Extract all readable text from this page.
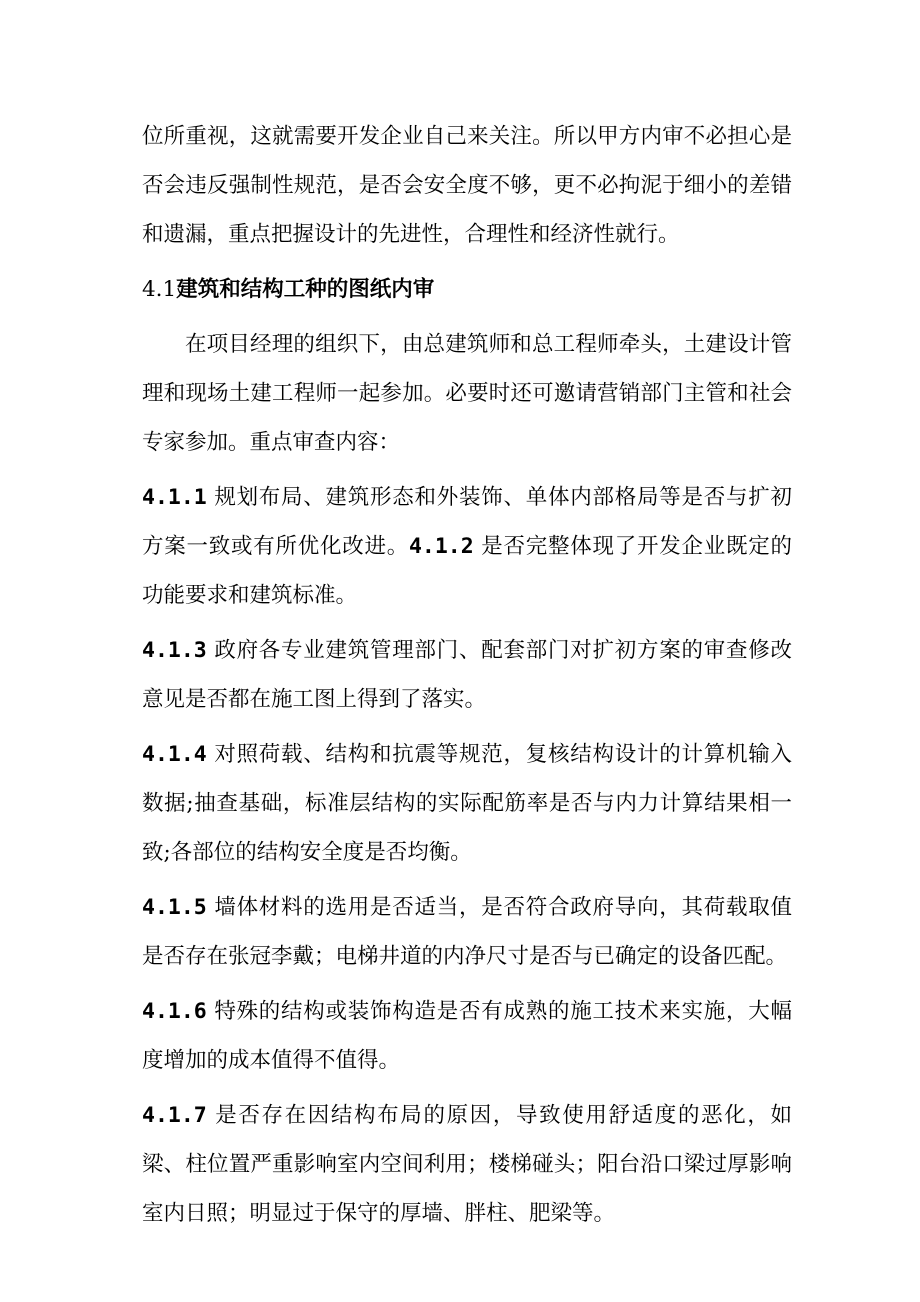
位所重视，这就需要开发企业自己来关注。所以甲方内审不必担心是否会违反强制性规范，是否会安全度不够，更不必拘泥于细小的差错和遗漏，重点把握设计的先进性，合理性和经济性就行。

4.1建筑和结构工种的图纸内审

在项目经理的组织下，由总建筑师和总工程师牵头，土建设计管理和现场土建工程师一起参加。必要时还可邀请营销部门主管和社会专家参加。重点审查内容：

4.1.1 规划布局、建筑形态和外装饰、单体内部格局等是否与扩初方案一致或有所优化改进。4.1.2 是否完整体现了开发企业既定的功能要求和建筑标准。

4.1.3 政府各专业建筑管理部门、配套部门对扩初方案的审查修改意见是否都在施工图上得到了落实。

4.1.4 对照荷载、结构和抗震等规范，复核结构设计的计算机输入数据;抽查基础，标准层结构的实际配筋率是否与内力计算结果相一致;各部位的结构安全度是否均衡。

4.1.5 墙体材料的选用是否适当，是否符合政府导向，其荷载取值是否存在张冠李戴；电梯井道的内净尺寸是否与已确定的设备匹配。

4.1.6 特殊的结构或装饰构造是否有成熟的施工技术来实施，大幅度增加的成本值得不值得。

4.1.7 是否存在因结构布局的原因，导致使用舒适度的恶化，如梁、柱位置严重影响室内空间利用；楼梯碰头；阳台沿口梁过厚影响室内日照；明显过于保守的厚墙、胖柱、肥梁等。
